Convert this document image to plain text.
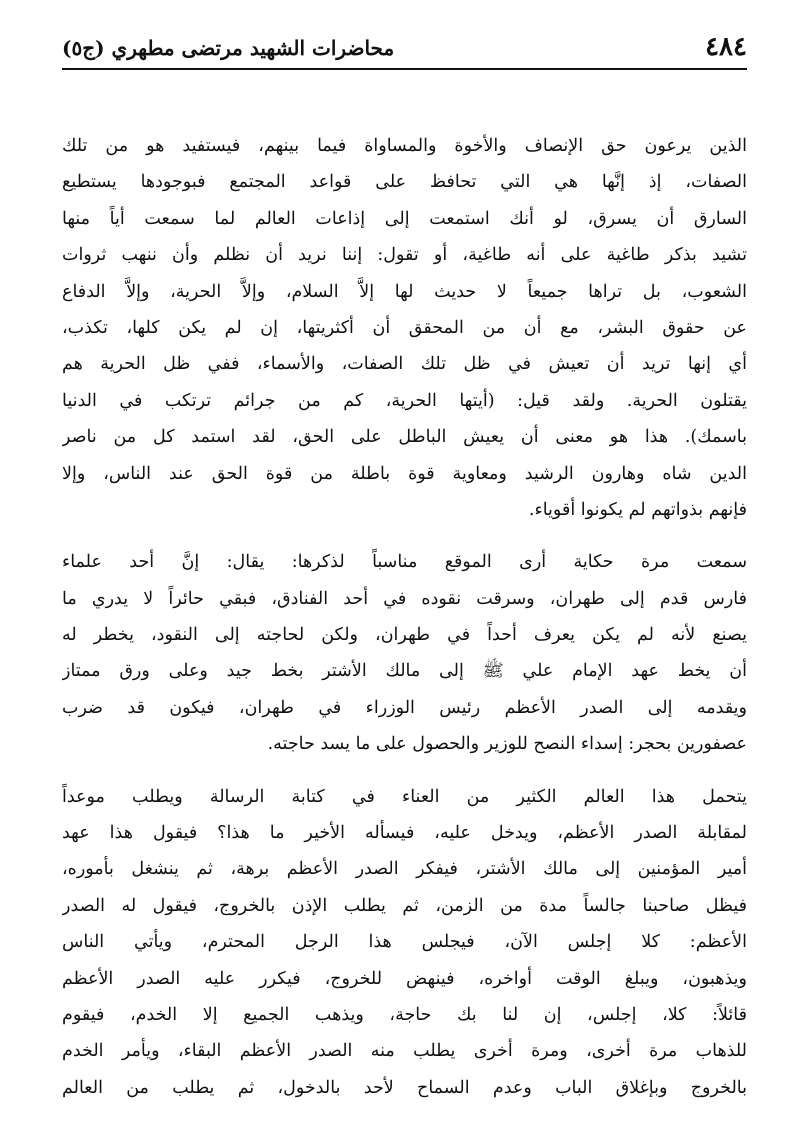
٤٨٤
محاضرات الشهيد مرتضى مطهري (ج٥)
الذين يرعون حق الإنصاف والأخوة والمساواة فيما بينهم، فيستفيد هو من تلك
الصفات، إذ إنَّها هي التي تحافظ على قواعد المجتمع فبوجودها يستطيع
السارق أن يسرق، لو أنك استمعت إلى إذاعات العالم لما سمعت أياً منها
تشيد بذكر طاغية على أنه طاغية، أو تقول: إننا نريد أن نظلم وأن ننهب ثروات
الشعوب، بل تراها جميعاً لا حديث لها إلاَّ السلام، وإلاَّ الحرية، وإلاَّ الدفاع
عن حقوق البشر، مع أن من المحقق أن أكثريتها، إن لم يكن كلها، تكذب،
أي إنها تريد أن تعيش في ظل تلك الصفات، والأسماء، ففي ظل الحرية هم
يقتلون الحرية. ولقد قيل: (أيتها الحرية، كم من جرائم ترتكب في الدنيا
باسمك). هذا هو معنى أن يعيش الباطل على الحق، لقد استمد كل من ناصر
الدين شاه وهارون الرشيد ومعاوية قوة باطلة من قوة الحق عند الناس، وإلا
فإنهم بذواتهم لم يكونوا أقوياء.
سمعت مرة حكاية أرى الموقع مناسباً لذكرها: يقال: إنَّ أحد علماء
فارس قدم إلى طهران، وسرقت نقوده في أحد الفنادق، فبقي حائراً لا يدري ما
يصنع لأنه لم يكن يعرف أحداً في طهران، ولكن لحاجته إلى النقود، يخطر له
أن يخط عهد الإمام علي ﷺ إلى مالك الأشتر بخط جيد وعلى ورق ممتاز
ويقدمه إلى الصدر الأعظم رئيس الوزراء في طهران، فيكون قد ضرب
عصفورين بحجر: إسداء النصح للوزير والحصول على ما يسد حاجته.
يتحمل هذا العالم الكثير من العناء في كتابة الرسالة ويطلب موعداً
لمقابلة الصدر الأعظم، ويدخل عليه، فيسأله الأخير ما هذا؟ فيقول هذا عهد
أمير المؤمنين إلى مالك الأشتر، فيفكر الصدر الأعظم برهة، ثم ينشغل بأموره،
فيظل صاحبنا جالساً مدة من الزمن، ثم يطلب الإذن بالخروج، فيقول له الصدر
الأعظم: كلا إجلس الآن، فيجلس هذا الرجل المحترم، ويأتي الناس
ويذهبون، ويبلغ الوقت أواخره، فينهض للخروج، فيكرر عليه الصدر الأعظم
قائلاً: كلا، إجلس، إن لنا بك حاجة، ويذهب الجميع إلا الخدم، فيقوم
للذهاب مرة أخرى، ومرة أخرى يطلب منه الصدر الأعظم البقاء، ويأمر الخدم
بالخروج وبإغلاق الباب وعدم السماح لأحد بالدخول، ثم يطلب من العالم
